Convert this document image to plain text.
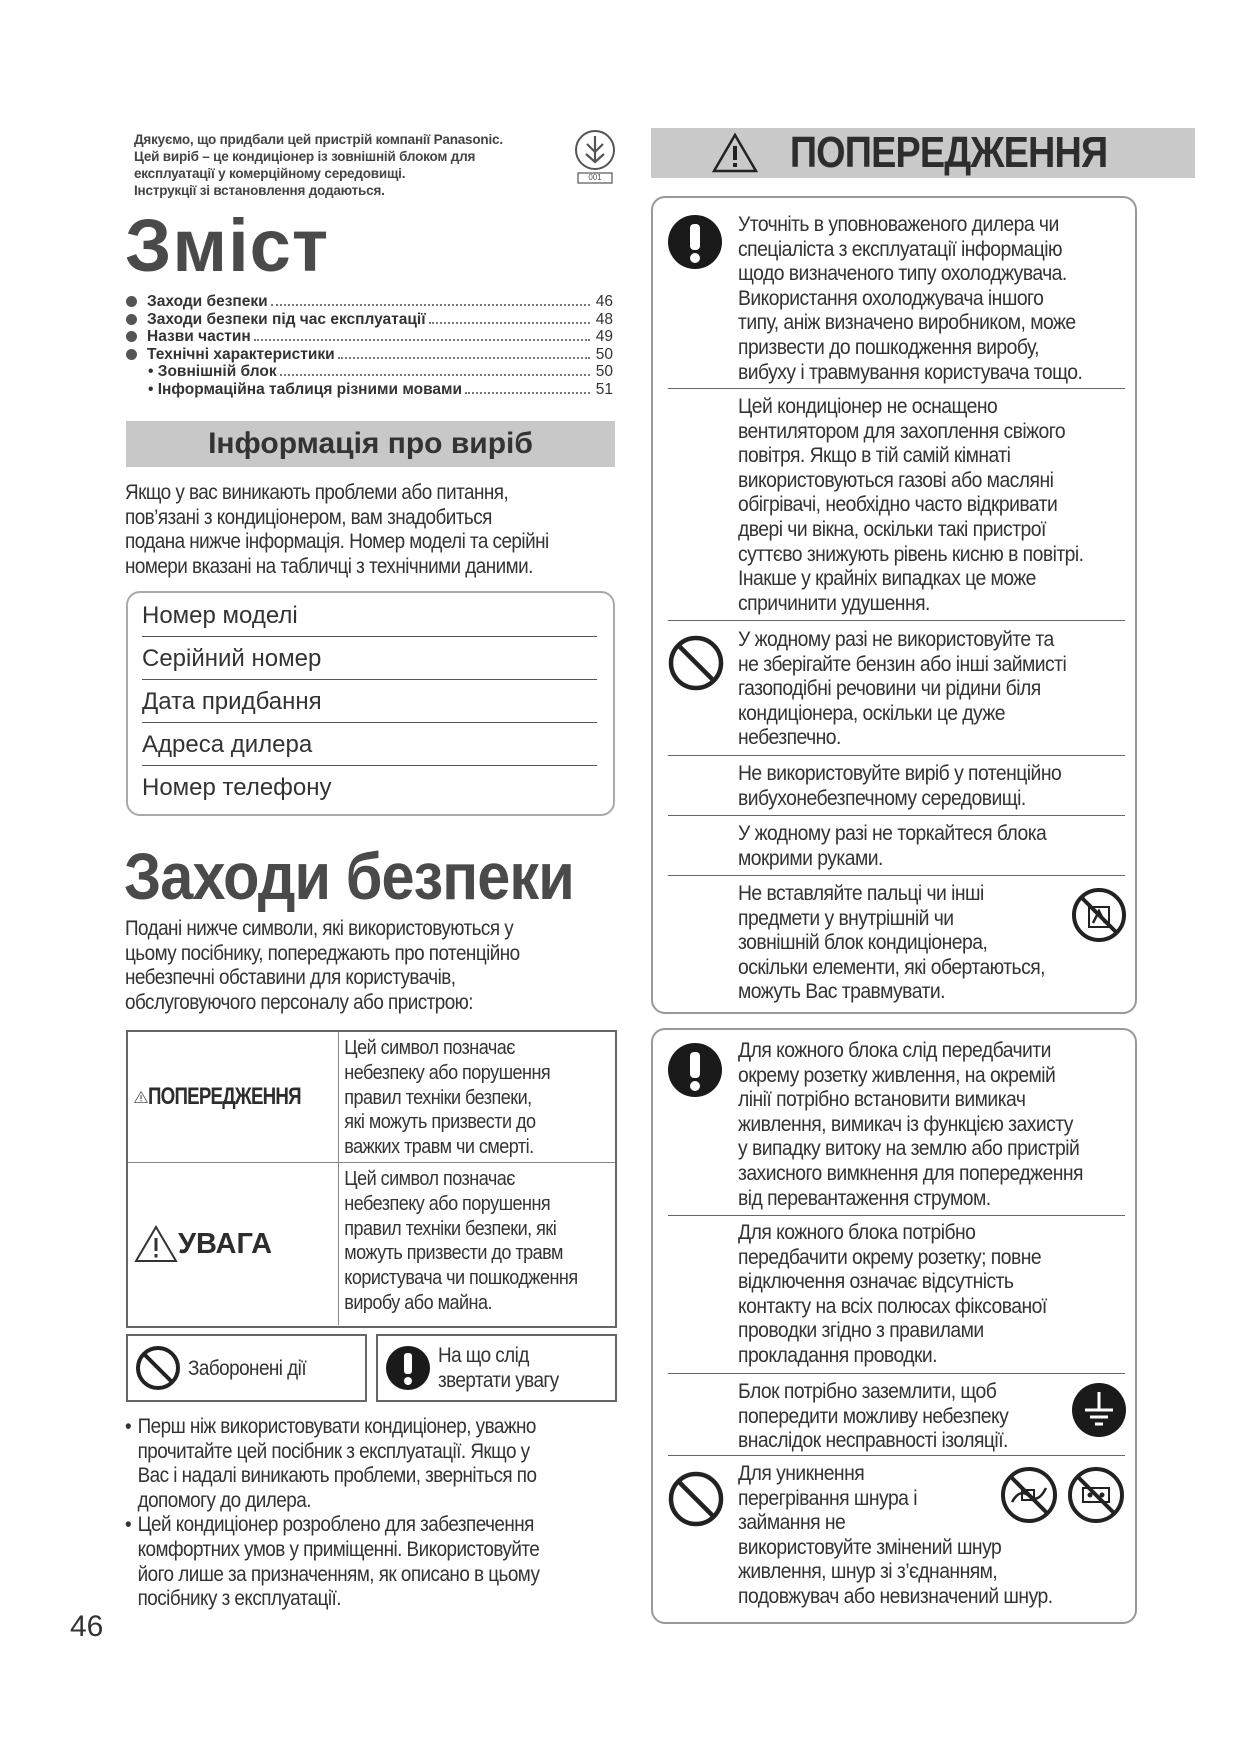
Дякуємо, що придбали цей пристрій компанії Panasonic.
Цей виріб – це кондиціонер із зовнішній блоком для
експлуатації у комерційному середовищі.
Інструкції зі встановлення додаються.
001
Зміст
Заходи безпеки	46
Заходи безпеки під час експлуатації	48
Назви частин	49
Технічні характеристики	50
• Зовнішній блок	50
• Інформаційна таблиця різними мовами	51
Інформація про виріб
Якщо у вас виникають проблеми або питання,
пов’язані з кондиціонером, вам знадобиться
подана нижче інформація. Номер моделі та серійні
номери вказані на табличці з технічними даними.
Номер моделі
Серійний номер
Дата придбання
Адреса дилера
Номер телефону
Заходи безпеки
Подані нижче символи, які використовуються у
цьому посібнику, попереджають про потенційно
небезпечні обставини для користувачів,
обслуговуючого персоналу або пристрою:
ПОПЕРЕДЖЕННЯ
Цей символ позначає
небезпеку або порушення
правил техніки безпеки,
які можуть призвести до
важких травм чи смерті.
УВАГА
Цей символ позначає
небезпеку або порушення
правил техніки безпеки, які
можуть призвести до травм
користувача чи пошкодження
виробу або майна.
Заборонені дії
На що слід
звертати увагу
• Перш ніж використовувати кондиціонер, уважно
прочитайте цей посібник з експлуатації. Якщо у
Вас і надалі виникають проблеми, зверніться по
допомогу до дилера.
• Цей кондиціонер розроблено для забезпечення
комфортних умов у приміщенні. Використовуйте
його лише за призначенням, як описано в цьому
посібнику з експлуатації.
46
ПОПЕРЕДЖЕННЯ
Уточніть в уповноваженого дилера чи
спеціаліста з експлуатації інформацію
щодо визначеного типу охолоджувача.
Використання охолоджувача іншого
типу, аніж визначено виробником, може
призвести до пошкодження виробу,
вибуху і травмування користувача тощо.
Цей кондиціонер не оснащено
вентилятором для захоплення свіжого
повітря. Якщо в тій самій кімнаті
використовуються газові або масляні
обігрівачі, необхідно часто відкривати
двері чи вікна, оскільки такі пристрої
суттєво знижують рівень кисню в повітрі.
Інакше у крайніх випадках це може
спричинити удушення.
У жодному разі не використовуйте та
не зберігайте бензин або інші займисті
газоподібні речовини чи рідини біля
кондиціонера, оскільки це дуже
небезпечно.
Не використовуйте виріб у потенційно
вибухонебезпечному середовищі.
У жодному разі не торкайтеся блока
мокрими руками.
Не вставляйте пальці чи інші
предмети у внутрішній чи
зовнішній блок кондиціонера,
оскільки елементи, які обертаються,
можуть Вас травмувати.
Для кожного блока слід передбачити
окрему розетку живлення, на окремій
лінії потрібно встановити вимикач
живлення, вимикач із функцією захисту
у випадку витоку на землю або пристрій
захисного вимкнення для попередження
від перевантаження струмом.
Для кожного блока потрібно
передбачити окрему розетку; повне
відключення означає відсутність
контакту на всіх полюсах фіксованої
проводки згідно з правилами
прокладання проводки.
Блок потрібно заземлити, щоб
попередити можливу небезпеку
внаслідок несправності ізоляції.
Для уникнення
перегрівання шнура і
займання не
використовуйте змінений шнур
живлення, шнур зі з’єднанням,
подовжувач або невизначений шнур.
